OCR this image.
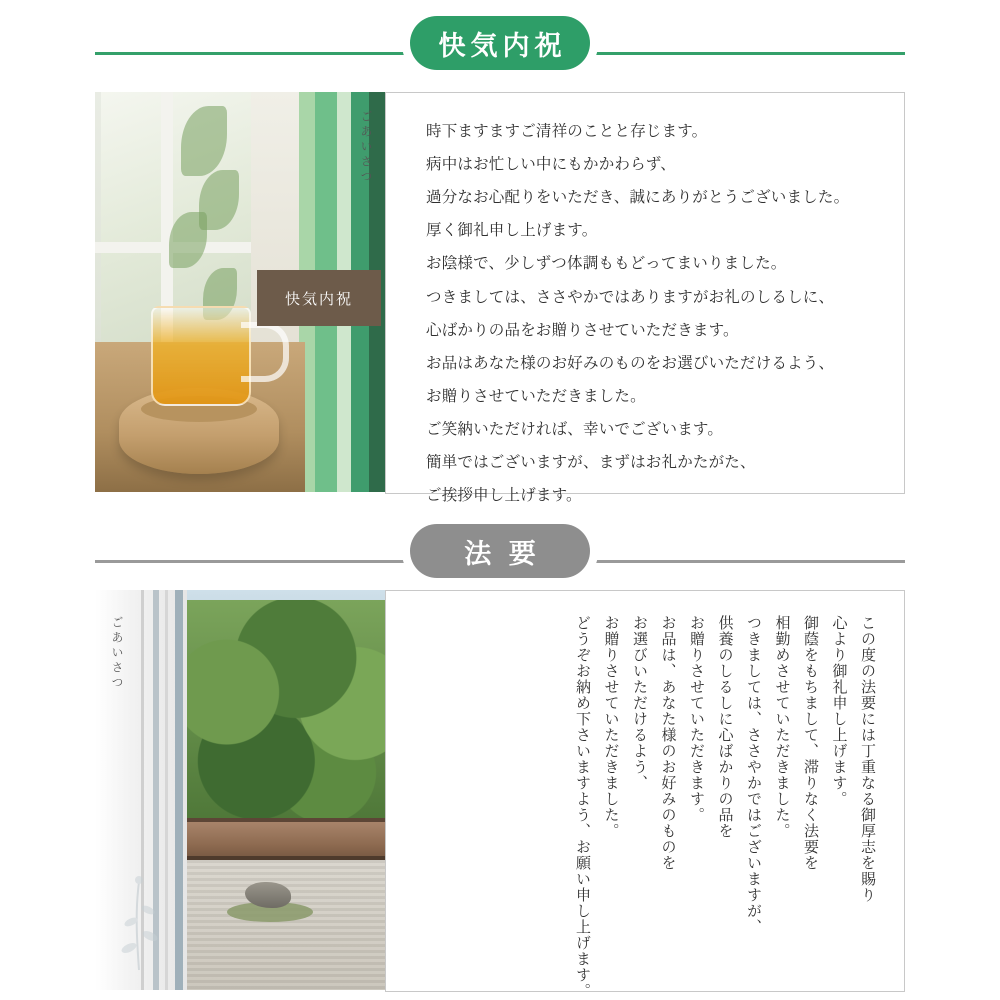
快気内祝
快気内祝
ごあいさつ	時下ますますご清祥のことと存じます。

病中はお忙しい中にもかかわらず、

過分なお心配りをいただき、誠にありがとうございました。

厚く御礼申し上げます。

お陰様で、少しずつ体調ももどってまいりました。

つきましては、ささやかではありますがお礼のしるしに、

心ばかりの品をお贈りさせていただきます。

お品はあなた様のお好みのものをお選びいただけるよう、

お贈りさせていただきました。

ご笑納いただければ、幸いでございます。

簡単ではございますが、まずはお礼かたがた、

ご挨拶申し上げます。

法 要
ごあいさつ	この度の法要には丁重なる御厚志を賜り
心より御礼申し上げます。
御蔭をもちまして、滞りなく法要を
相勤めさせていただきました。
つきましては、ささやかではございますが、
供養のしるしに心ばかりの品を
お贈りさせていただきます。
お品は、あなた様のお好みのものを
お選びいただけるよう、
お贈りさせていただきました。
どうぞお納め下さいますよう、お願い申し上げます。
